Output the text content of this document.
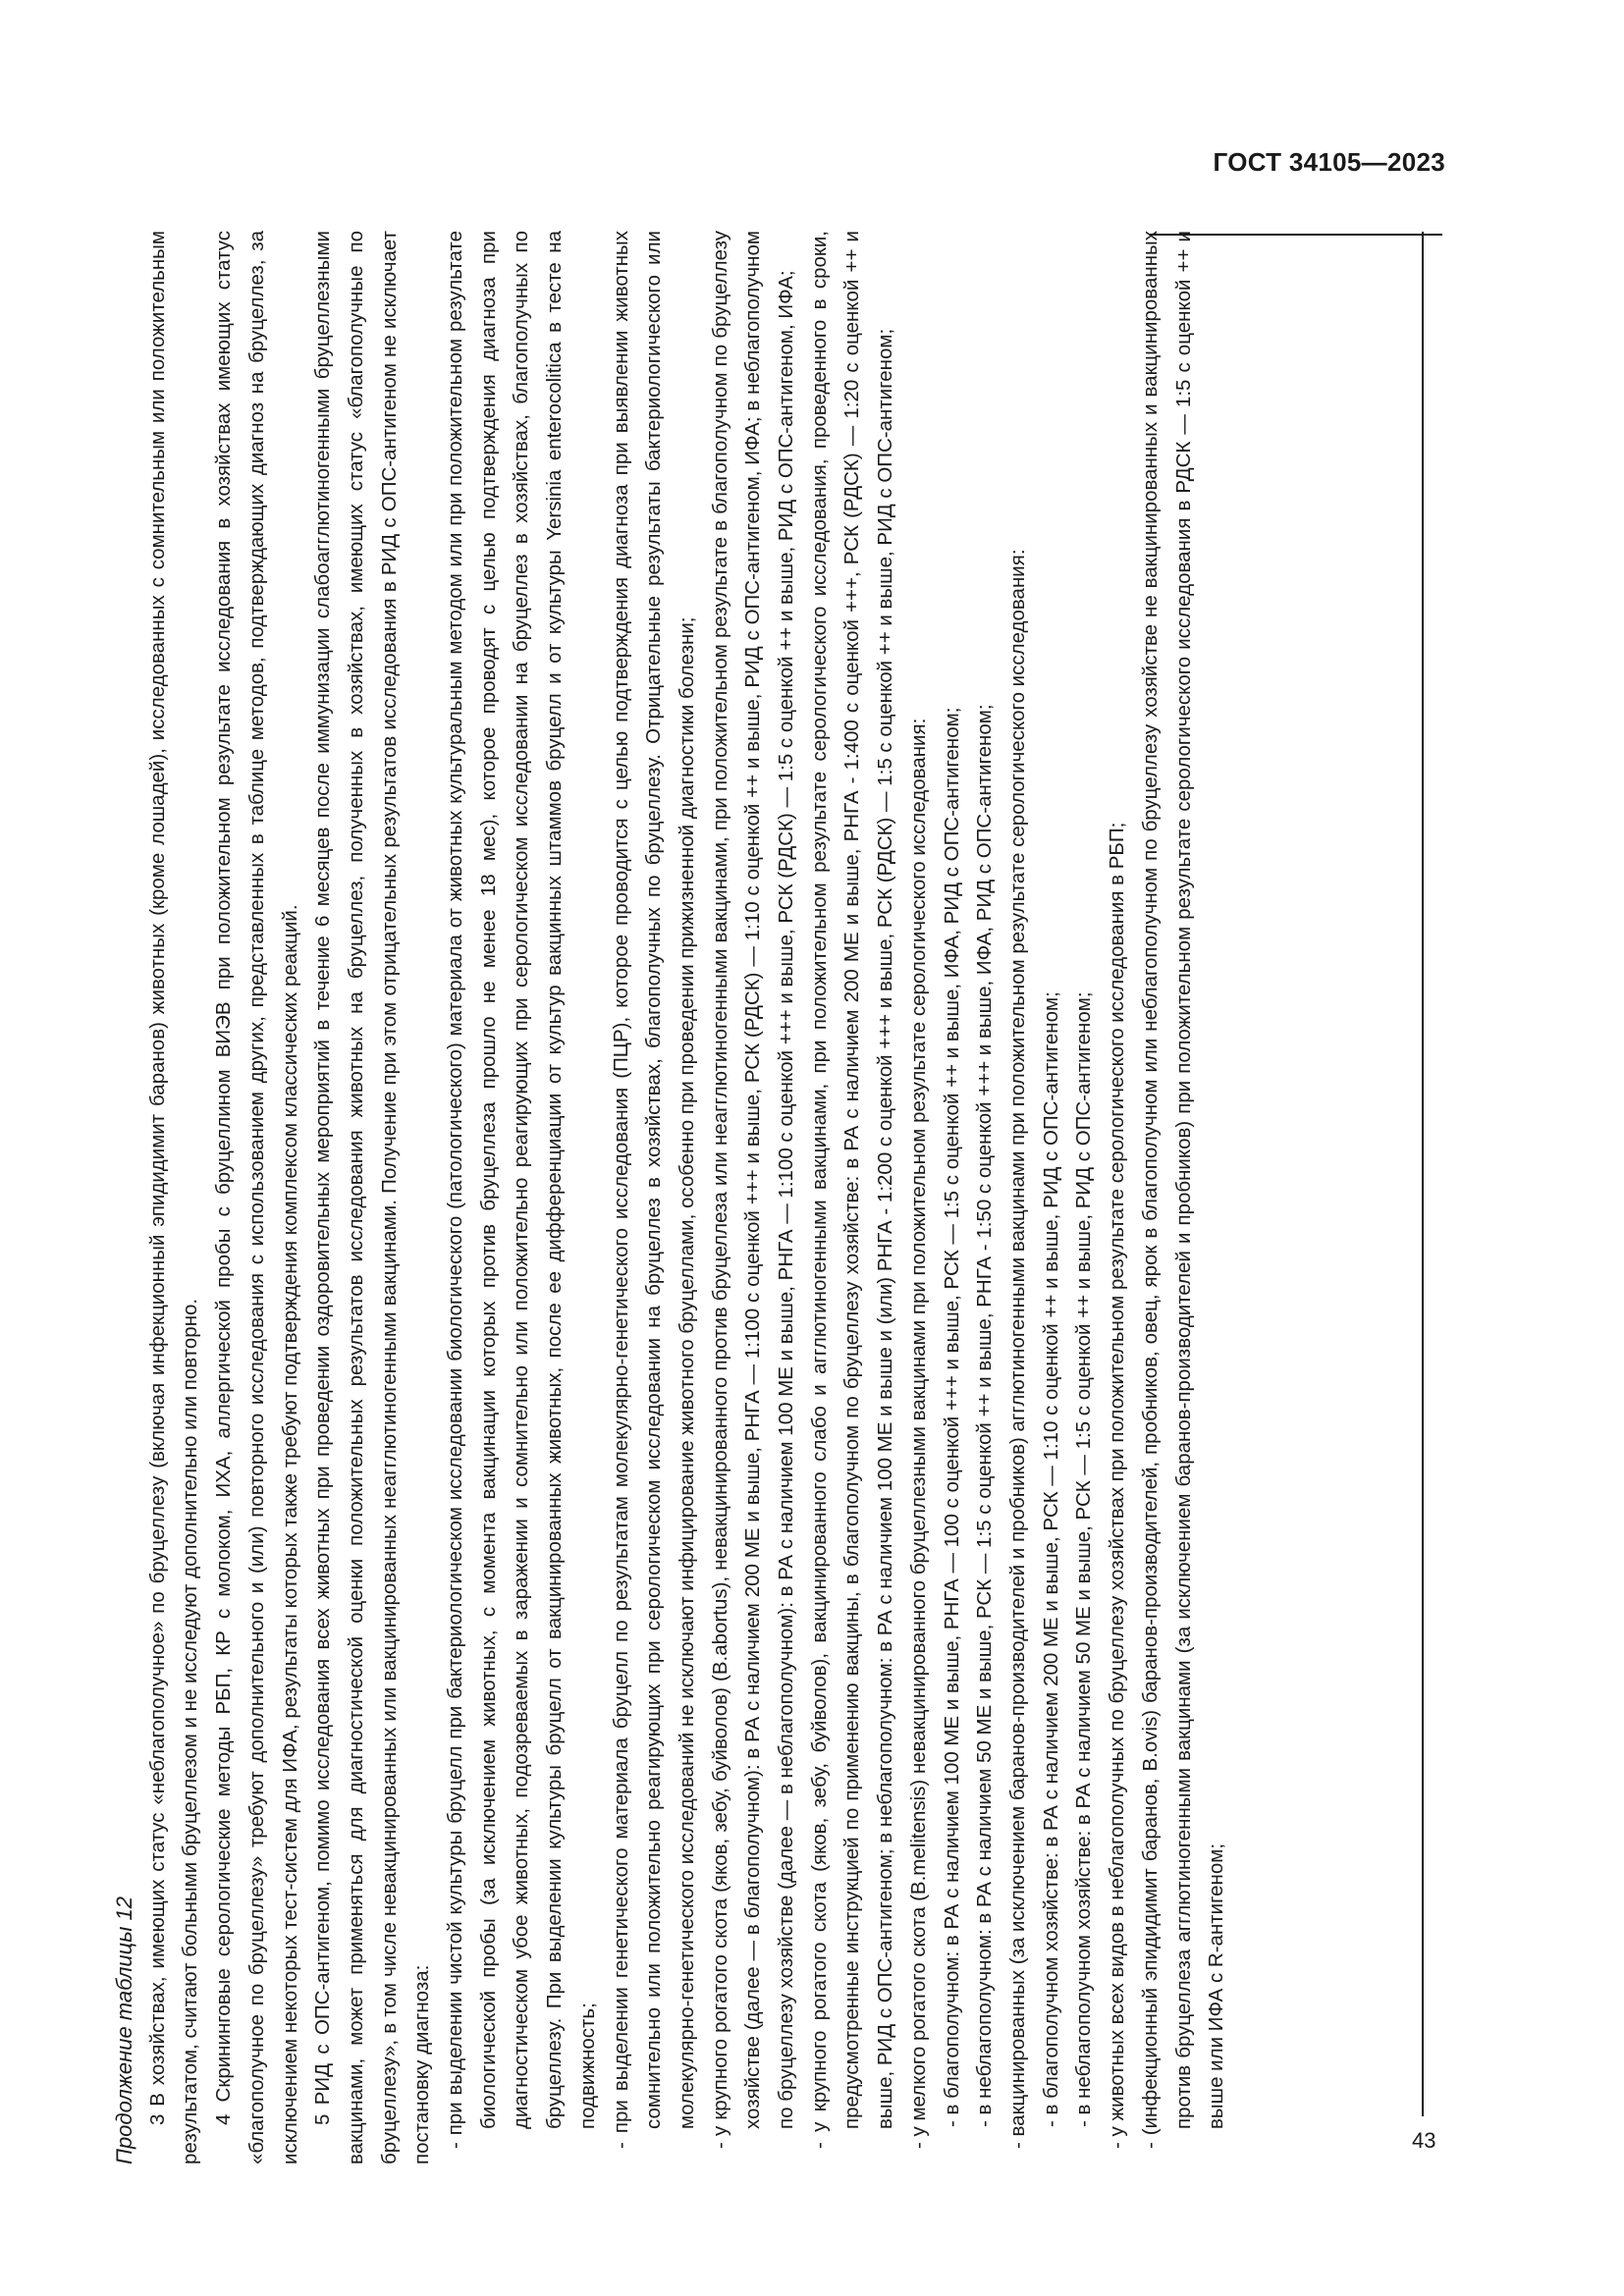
ГОСТ 34105—2023

Продолжение таблицы 12 3 В хозяйствах, имеющих статус «неблагополучное» по бруцеллезу (включая инфекционный эпидидимит баранов) животных (кроме лошадей), исследованных с сомнительным или положительным результатом, считают больными бруцеллезом и не исследуют дополнительно или повторно. 4 Скрининговые серологические методы РБП, КР с молоком, ИХА, аллергической пробы с бруцеллином ВИЭВ при положительном результате исследования в хозяйствах имеющих статус «благополучное по бруцеллезу» требуют дополнительного и (или) повторного исследования с использованием других, представленных в таблице методов, подтверждающих диагноз на бруцеллез, за исключением некоторых тест-систем для ИФА, результаты которых также требуют подтверждения комплексом классических реакций. 5 РИД с ОПС-антигеном, помимо исследования всех животных при проведении оздоровительных мероприятий в течение 6 месяцев после иммунизации слабоагглютиногенными бруцеллезными вакцинами, может применяться для диагностической оценки положительных результатов исследования животных на бруцеллез, полученных в хозяйствах, имеющих статус «благополучные по бруцеллезу», в том числе невакцинированных или вакцинированных неагглютиногенными вакцинами. Получение при этом отрицательных результатов исследования в РИД с ОПС-антигеном не исключает постановку диагноза: - при выделении чистой культуры бруцелл при бактериологическом исследовании биологического (патологического) материала от животных культуральным методом или при положительном результате биологической пробы (за исключением животных, с момента вакцинации которых против бруцеллеза прошло не менее 18 мес), которое проводят с целью подтверждения диагноза при диагностическом убое животных, подозреваемых в заражении и сомнительно или положительно реагирующих при серологическом исследовании на бруцеллез в хозяйствах, благополучных по бруцеллезу. При выделении культуры бруцелл от вакцинированных животных, после ее дифференциации от культур вакцинных штаммов бруцелл и от культуры Yersinia enterocolitica в тесте на подвижность; - при выделении генетического материала бруцелл по результатам молекулярно-генетического исследования (ПЦР), которое проводится с целью подтверждения диагноза при выявлении животных сомнительно или положительно реагирующих при серологическом исследовании на бруцеллез в хозяйствах, благополучных по бруцеллезу. Отрицательные результаты бактериологического или молекулярно-генетического исследований не исключают инфицирование животного бруцеллами, особенно при проведении прижизненной диагностики болезни; - у крупного рогатого скота (яков, зебу, буйволов) (B.abortus), невакцинированного против бруцеллеза или неагглютиногенными вакцинами, при положительном результате в благополучном по бруцеллезу хозяйстве (далее — в благополучном): в РА с наличием 200 МЕ и выше, РНГА — 1:100 с оценкой +++ и выше, РСК (РДСК) — 1:10 с оценкой ++ и выше, РИД с ОПС-антигеном, ИФА; в неблагополучном по бруцеллезу хозяйстве (далее — в неблагополучном): в РА с наличием 100 МЕ и выше, РНГА — 1:100 с оценкой +++ и выше, РСК (РДСК) — 1:5 с оценкой ++ и выше, РИД с ОПС-антигеном, ИФА; - у крупного рогатого скота (яков, зебу, буйволов), вакцинированного слабо и агглютиногенными вакцинами, при положительном результате серологического исследования, проведенного в сроки, предусмотренные инструкцией по применению вакцины, в благополучном по бруцеллезу хозяйстве: в РА с наличием 200 МЕ и выше, РНГА - 1:400 с оценкой +++, РСК (РДСК) — 1:20 с оценкой ++ и выше, РИД с ОПС-антигеном; в неблагополучном: в РА с наличием 100 МЕ и выше и (или) РНГА - 1:200 с оценкой +++ и выше, РСК (РДСК) — 1:5 с оценкой ++ и выше, РИД с ОПС-антигеном; - у мелкого рогатого скота (B.melitensis) невакцинированного бруцеллезными вакцинами при положительном результате серологического исследования: - в благополучном: в РА с наличием 100 МЕ и выше, РНГА — 100 с оценкой +++ и выше, РСК — 1:5 с оценкой ++ и выше, ИФА, РИД с ОПС-антигеном; - в неблагополучном: в РА с наличием 50 МЕ и выше, РСК — 1:5 с оценкой ++ и выше, РНГА - 1:50 с оценкой +++ и выше, ИФА, РИД с ОПС-антигеном; - вакцинированных (за исключением баранов-производителей и пробников) агглютиногенными вакцинами при положительном результате серологического исследования: - в благополучном хозяйстве: в РА с наличием 200 МЕ и выше, РСК — 1:10 с оценкой ++ и выше, РИД с ОПС-антигеном; - в неблагополучном хозяйстве: в РА с наличием 50 МЕ и выше, РСК — 1:5 с оценкой ++ и выше, РИД с ОПС-антигеном; - у животных всех видов в неблагополучных по бруцеллезу хозяйствах при положительном результате серологического исследования в РБП; - (инфекционный эпидидимит баранов, B.ovis) баранов-производителей, пробников, овец, ярок в благополучном или неблагополучном по бруцеллезу хозяйстве не вакцинированных и вакцинированных против бруцеллеза агглютиногенными вакцинами (за исключением баранов-производителей и пробников) при положительном результате серологического исследования в РДСК — 1:5 с оценкой ++ и выше или ИФА с R-антигеном;

43
